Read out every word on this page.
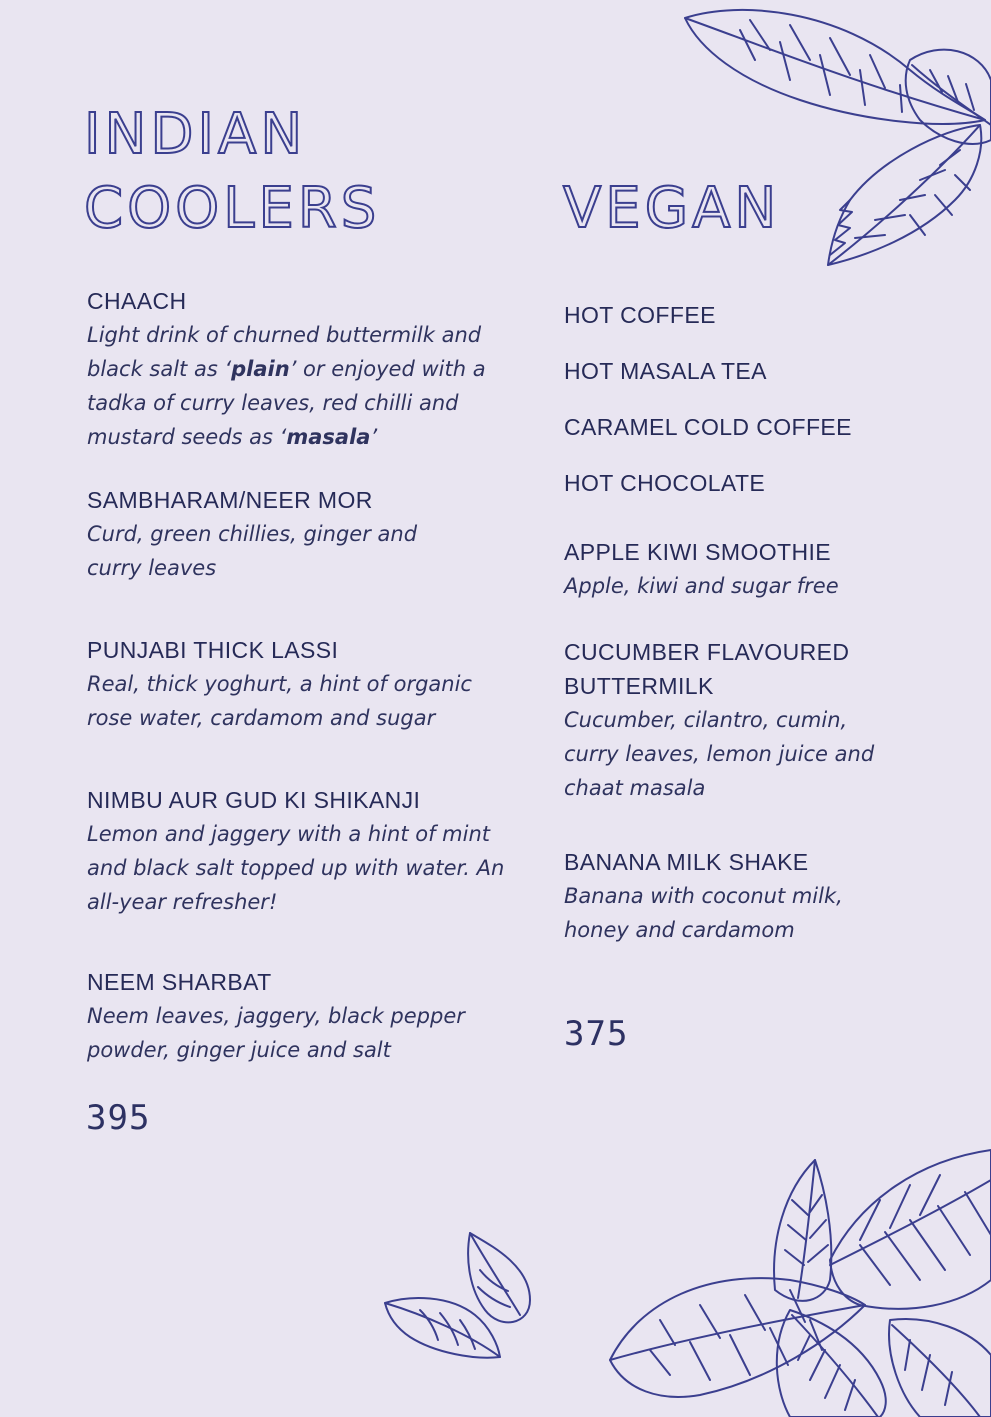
INDIAN
COOLERS	VEGAN
CHAACH
Light drink of churned buttermilk and black salt as ‘plain’ or enjoyed with a tadka of curry leaves, red chilli and mustard seeds as ‘masala’
SAMBHARAM/NEER MOR
Curd, green chillies, ginger and curry leaves
PUNJABI THICK LASSI
Real, thick yoghurt, a hint of organic rose water, cardamom and sugar
NIMBU AUR GUD KI SHIKANJI
Lemon and jaggery with a hint of mint and black salt topped up with water. An all-year refresher!
NEEM SHARBAT
Neem leaves, jaggery, black pepper powder, ginger juice and salt
395
HOT COFFEE
HOT MASALA TEA
CARAMEL COLD COFFEE
HOT CHOCOLATE
APPLE KIWI SMOOTHIE
Apple, kiwi and sugar free
CUCUMBER FLAVOURED BUTTERMILK
Cucumber, cilantro, cumin, curry leaves, lemon juice and chaat masala
BANANA MILK SHAKE
Banana with coconut milk, honey and cardamom
375
